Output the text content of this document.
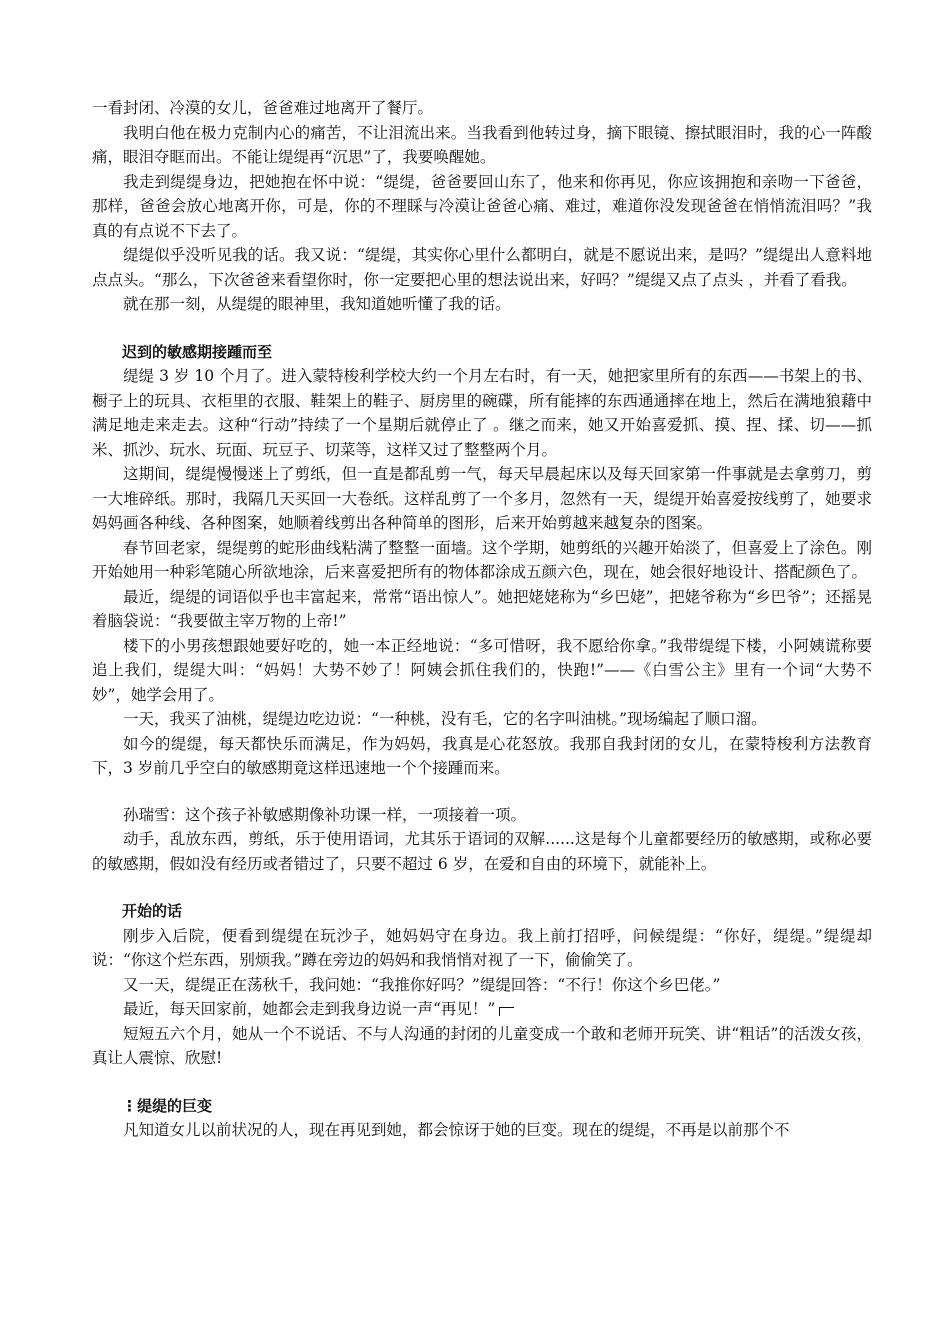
一看封闭、冷漠的女儿，爸爸难过地离开了餐厅。

我明白他在极力克制内心的痛苦，不让泪流出来。当我看到他转过身，摘下眼镜、擦拭眼泪时，我的心一阵酸痛，眼泪夺眶而出。不能让缇缇再“沉思”了，我要唤醒她。

我走到缇缇身边，把她抱在怀中说：“缇缇，爸爸要回山东了，他来和你再见，你应该拥抱和亲吻一下爸爸，那样，爸爸会放心地离开你，可是，你的不理睬与冷漠让爸爸心痛、难过，难道你没发现爸爸在悄悄流泪吗？”我真的有点说不下去了。

缇缇似乎没听见我的话。我又说：“缇缇，其实你心里什么都明白，就是不愿说出来，是吗？”缇缇出人意料地点点头。“那么，下次爸爸来看望你时，你一定要把心里的想法说出来，好吗？”缇缇又点了点头 ，并看了看我。

就在那一刻，从缇缇的眼神里，我知道她听懂了我的话。

迟到的敏感期接踵而至

缇缇 3 岁 10 个月了。进入蒙特梭利学校大约一个月左右时，有一天，她把家里所有的东西——书架上的书、橱子上的玩具、衣柜里的衣服、鞋架上的鞋子、厨房里的碗碟，所有能摔的东西通通摔在地上，然后在满地狼藉中满足地走来走去。这种“行动”持续了一个星期后就停止了 。继之而来，她又开始喜爱抓、摸、捏、揉、切——抓米、抓沙、玩水、玩面、玩豆子、切菜等，这样又过了整整两个月。

这期间，缇缇慢慢迷上了剪纸，但一直是都乱剪一气，每天早晨起床以及每天回家第一件事就是去拿剪刀，剪一大堆碎纸。那时，我隔几天买回一大卷纸。这样乱剪了一个多月，忽然有一天，缇缇开始喜爱按线剪了，她要求妈妈画各种线、各种图案，她顺着线剪出各种简单的图形，后来开始剪越来越复杂的图案。

春节回老家，缇缇剪的蛇形曲线粘满了整整一面墙。这个学期，她剪纸的兴趣开始淡了，但喜爱上了涂色。刚开始她用一种彩笔随心所欲地涂，后来喜爱把所有的物体都涂成五颜六色，现在，她会很好地设计、搭配颜色了。

最近，缇缇的词语似乎也丰富起来，常常“语出惊人”。她把姥姥称为“乡巴姥”，把姥爷称为“乡巴爷”；还摇晃着脑袋说：“我要做主宰万物的上帝!”

楼下的小男孩想跟她要好吃的，她一本正经地说：“多可惜呀，我不愿给你拿。”我带缇缇下楼，小阿姨谎称要追上我们，缇缇大叫：“妈妈！大势不妙了！阿姨会抓住我们的，快跑!”——《白雪公主》里有一个词“大势不妙”，她学会用了。

一天，我买了油桃，缇缇边吃边说：“一种桃，没有毛，它的名字叫油桃。”现场编起了顺口溜。

如今的缇缇，每天都快乐而满足，作为妈妈，我真是心花怒放。我那自我封闭的女儿，在蒙特梭利方法教育下，3 岁前几乎空白的敏感期竟这样迅速地一个个接踵而来。

孙瑞雪：这个孩子补敏感期像补功课一样，一项接着一项。

动手，乱放东西，剪纸，乐于使用语词，尤其乐于语词的双解......这是每个儿童都要经历的敏感期，或称必要的敏感期，假如没有经历或者错过了，只要不超过 6 岁，在爱和自由的环境下，就能补上。

开始的话

刚步入后院，便看到缇缇在玩沙子，她妈妈守在身边。我上前打招呼，问候缇缇：“你好，缇缇。”缇缇却说：“你这个烂东西，别烦我。”蹲在旁边的妈妈和我悄悄对视了一下，偷偷笑了。

又一天，缇缇正在荡秋千，我问她：“我推你好吗？”缇缇回答：“不行！你这个乡巴佬。”

最近，每天回家前，她都会走到我身边说一声“再见！”

短短五六个月，她从一个不说话、不与人沟通的封闭的儿童变成一个敢和老师开玩笑、讲“粗话”的活泼女孩，真让人震惊、欣慰!

⋮缇缇的巨变

凡知道女儿以前状况的人，现在再见到她，都会惊讶于她的巨变。现在的缇缇，不再是以前那个不
